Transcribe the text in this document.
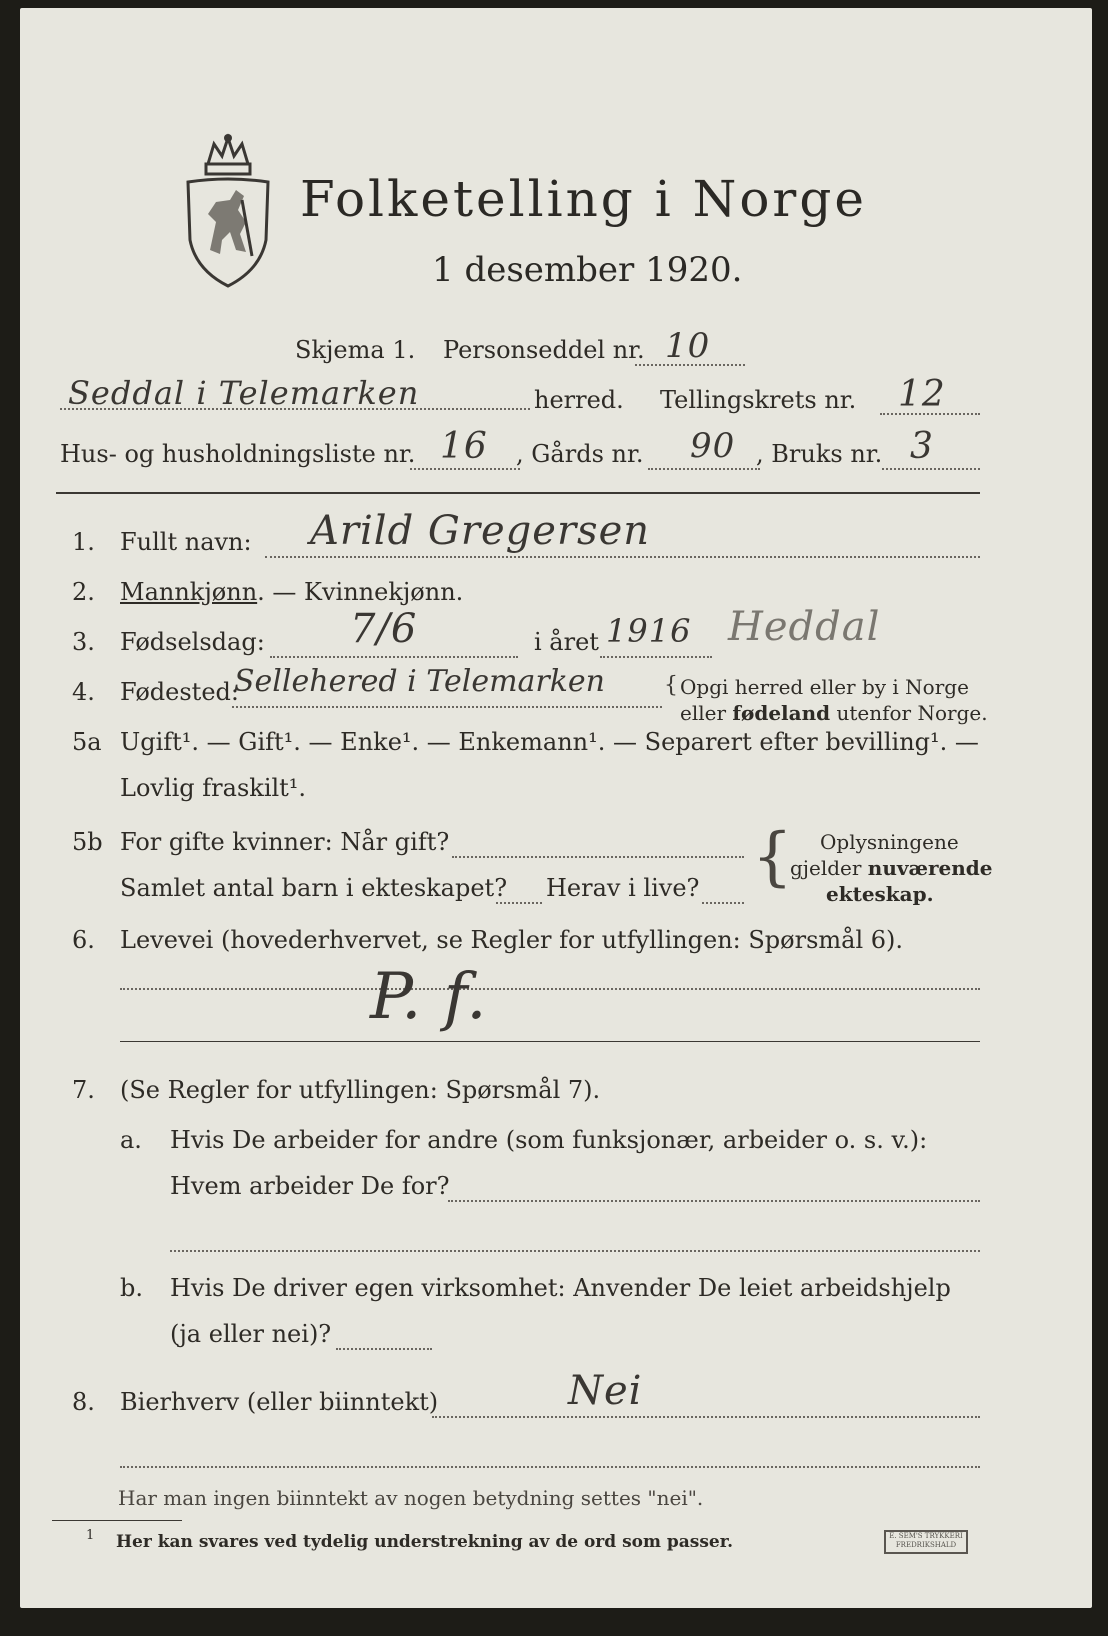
Folketelling i Norge
1 desember 1920.
Skjema 1. Personseddel nr. 10
Seddal i Telemarken	herred. Tellingskrets nr. 12
Hus- og husholdningsliste nr. 16 , Gårds nr. 90 , Bruks nr. 3
1. Fullt navn: Arild Gregersen
2. Mannkjønn. — Kvinnekjønn.
3. Fødselsdag: 7/6	i året 1916 Heddal
4. Fødested:
Sellehered i Telemarken	{ Opgi herred eller by i Norge
eller fødeland utenfor Norge.
5a Ugift¹. — Gift¹. — Enke¹. — Enkemann¹. — Separert efter bevilling¹. —
Lovlig fraskilt¹.
5b For gifte kvinner: Når gift?
Samlet antal barn i ekteskapet? Herav i live? { Oplysningene
gjelder nuværende
ekteskap.
6. Levevei (hovederhvervet, se Regler for utfyllingen: Spørsmål 6).
P. f.
7. (Se Regler for utfyllingen: Spørsmål 7).
a. Hvis De arbeider for andre (som funksjonær, arbeider o. s. v.):
Hvem arbeider De for?
b. Hvis De driver egen virksomhet: Anvender De leiet arbeidshjelp
(ja eller nei)?
8. Bierhverv (eller biinntekt)	Nei
Har man ingen biinntekt av nogen betydning settes "nei".
1 Her kan svares ved tydelig understrekning av de ord som passer.	E. SEM'S TRYKKERI FREDRIKSHALD
